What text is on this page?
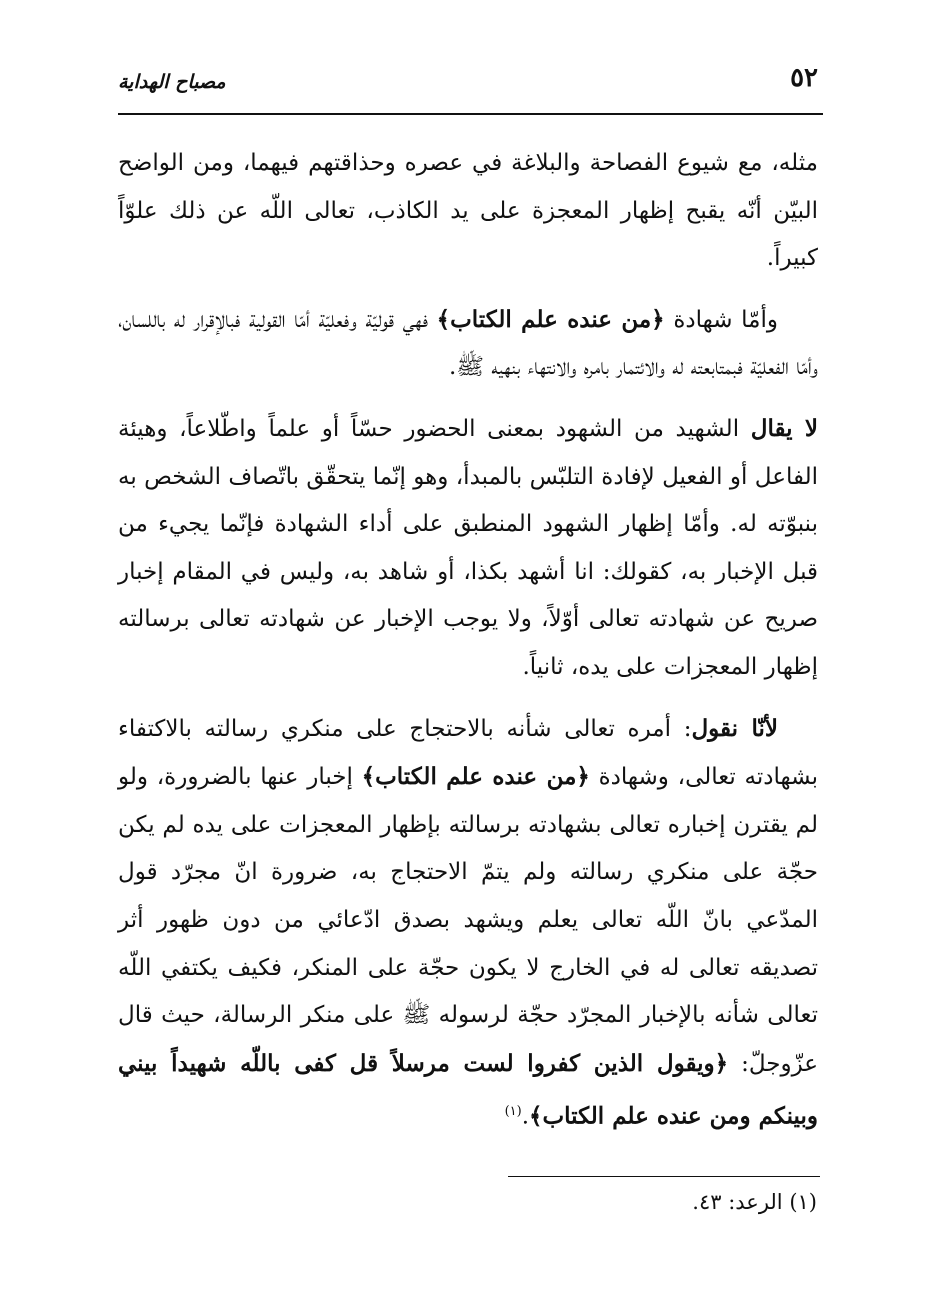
٥٢
مصباح الهداية

مثله، مع شيوع الفصاحة والبلاغة في عصره وحذاقتهم فيهما، ومن الواضح البيّن أنّه يقبح إظهار المعجزة على يد الكاذب، تعالى اللّه عن ذلك علوّاً كبيراً.

وأمّا شهادة ﴿من عنده علم الكتاب﴾ فهي قوليّة وفعليّة أمّا القولية فبالإقرار له باللسان، وأمّا الفعليّة فبمتابعته له والائتمار بامره والانتهاء بنهيه ﷺ.

لا يقال الشهيد من الشهود بمعنى الحضور حسّاً أو علماً واطّلاعاً، وهيئة الفاعل أو الفعيل لإفادة التلبّس بالمبدأ، وهو إنّما يتحقّق باتّصاف الشخص به بنبوّته له. وأمّا إظهار الشهود المنطبق على أداء الشهادة فإنّما يجيء من قبل الإخبار به، كقولك: انا أشهد بكذا، أو شاهد به، وليس في المقام إخبار صريح عن شهادته تعالى أوّلاً، ولا يوجب الإخبار عن شهادته تعالى برسالته إظهار المعجزات على يده، ثانياً.

لأنّا نقول: أمره تعالى شأنه بالاحتجاج على منكري رسالته بالاكتفاء بشهادته تعالى، وشهادة ﴿من عنده علم الكتاب﴾ إخبار عنها بالضرورة، ولو لم يقترن إخباره تعالى بشهادته برسالته بإظهار المعجزات على يده لم يكن حجّة على منكري رسالته ولم يتمّ الاحتجاج به، ضرورة انّ مجرّد قول المدّعي بانّ اللّه تعالى يعلم ويشهد بصدق ادّعائي من دون ظهور أثر تصديقه تعالى له في الخارج لا يكون حجّة على المنكر، فكيف يكتفي اللّه تعالى شأنه بالإخبار المجرّد حجّة لرسوله ﷺ على منكر الرسالة، حيث قال عزّوجلّ: ﴿ويقول الذين كفروا لست مرسلاً قل كفى باللّه شهيداً بيني وبينكم ومن عنده علم الكتاب﴾.$^{(١)}$

(١) الرعد: ٤٣.
